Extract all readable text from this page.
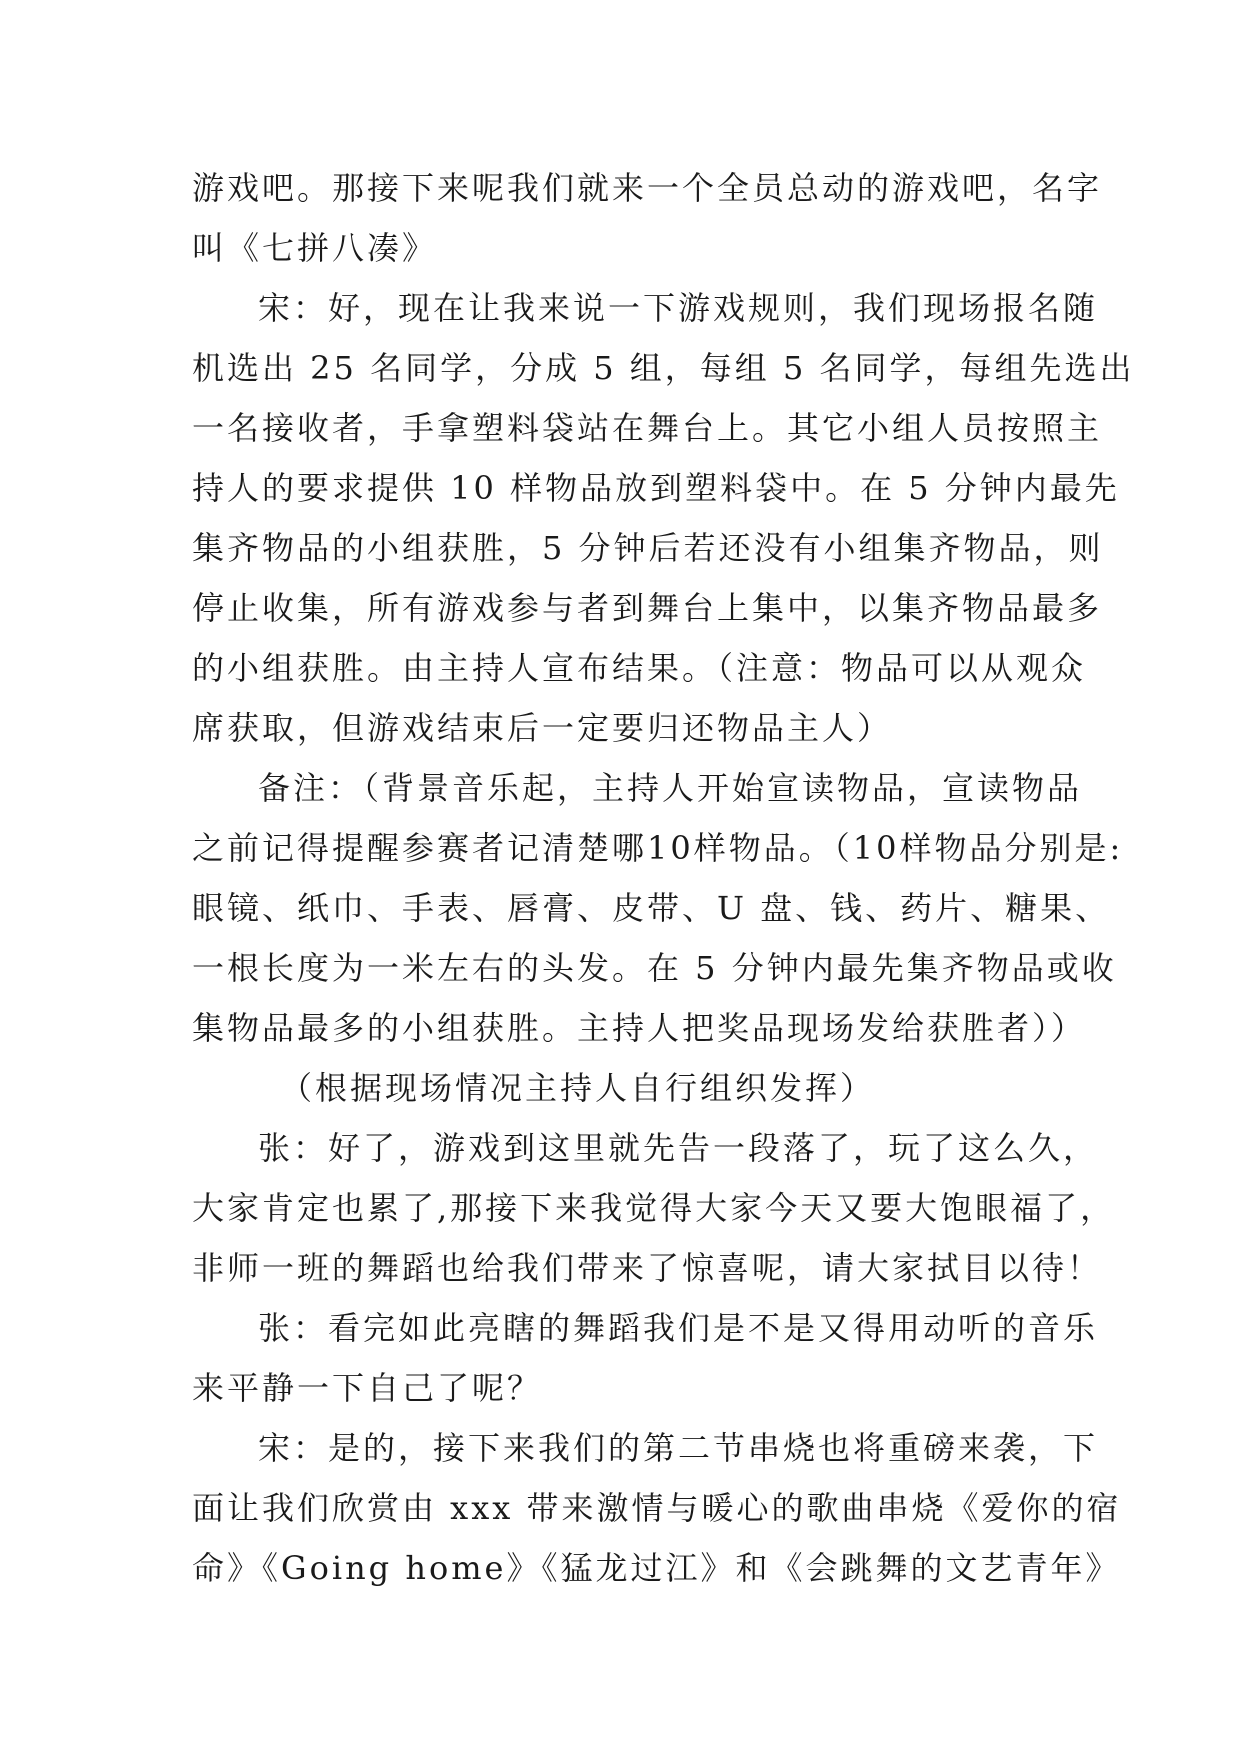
游戏吧。那接下来呢我们就来一个全员总动的游戏吧，名字
叫《七拼八凑》
宋：好，现在让我来说一下游戏规则，我们现场报名随
机选出 25 名同学，分成 5 组，每组 5 名同学，每组先选出
一名接收者，手拿塑料袋站在舞台上。其它小组人员按照主
持人的要求提供 10 样物品放到塑料袋中。在 5 分钟内最先
集齐物品的小组获胜，5 分钟后若还没有小组集齐物品，则
停止收集，所有游戏参与者到舞台上集中，以集齐物品最多
的小组获胜。由主持人宣布结果。（注意：物品可以从观众
席获取，但游戏结束后一定要归还物品主人）
备注：（背景音乐起，主持人开始宣读物品，宣读物品
之前记得提醒参赛者记清楚哪10样物品。（10样物品分别是:
眼镜、纸巾、手表、唇膏、皮带、U 盘、钱、药片、糖果、
一根长度为一米左右的头发。在 5 分钟内最先集齐物品或收
集物品最多的小组获胜。主持人把奖品现场发给获胜者））
（根据现场情况主持人自行组织发挥）
张：好了，游戏到这里就先告一段落了，玩了这么久，
大家肯定也累了,那接下来我觉得大家今天又要大饱眼福了，
非师一班的舞蹈也给我们带来了惊喜呢，请大家拭目以待！
张：看完如此亮瞎的舞蹈我们是不是又得用动听的音乐
来平静一下自己了呢？
宋：是的，接下来我们的第二节串烧也将重磅来袭，下
面让我们欣赏由 xxx 带来激情与暖心的歌曲串烧《爱你的宿
命》《Going home》《猛龙过江》和《会跳舞的文艺青年》
